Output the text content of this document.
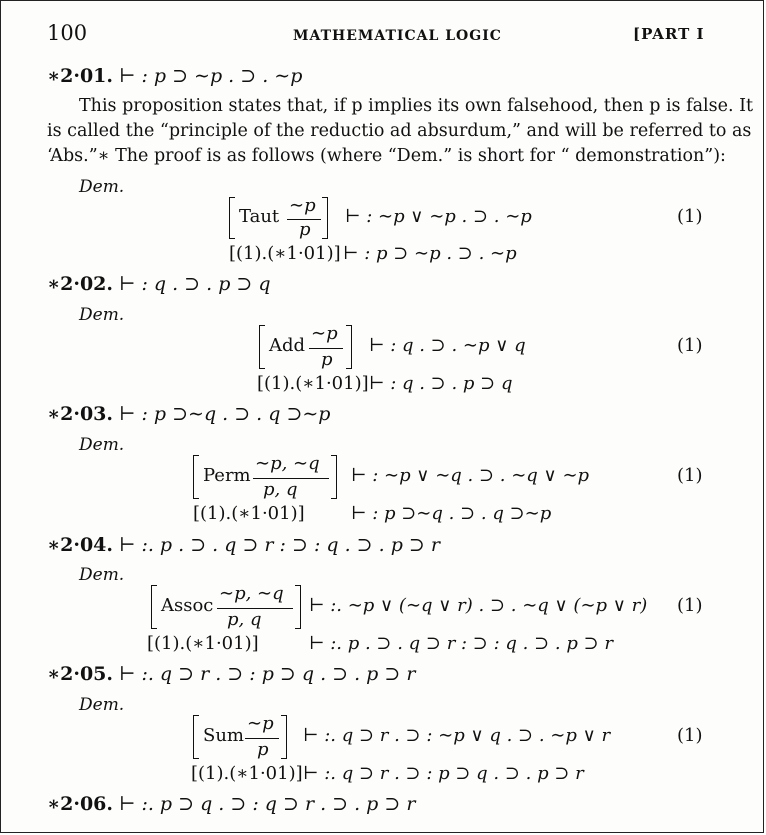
100	MATHEMATICAL LOGIC	[PART I
∗2·01. ⊢ : p ⊃ ∼p . ⊃ . ∼p
This proposition states that, if p implies its own falsehood, then p is false. It
is called the “principle of the reductio ad absurdum,” and will be referred to as
‘Abs.”∗ The proof is as follows (where “Dem.” is short for “ demonstration”):
Dem.
Taut
∼p
p
⊢ : ∼p ∨ ∼p . ⊃ . ∼p	(1)
[(1).(∗1·01)] ⊢ : p ⊃ ∼p . ⊃ . ∼p
∗2·02. ⊢ : q . ⊃ . p ⊃ q
Dem.
Add
∼p
p
⊢ : q . ⊃ . ∼p ∨ q	(1)
[(1).(∗1·01)] ⊢ : q . ⊃ . p ⊃ q
∗2·03. ⊢ : p ⊃∼q . ⊃ . q ⊃∼p
Dem.
Perm
∼p, ∼q
p, q
⊢ : ∼p ∨ ∼q . ⊃ . ∼q ∨ ∼p	(1)
[(1).(∗1·01)]	⊢ : p ⊃∼q . ⊃ . q ⊃∼p
∗2·04. ⊢ :. p . ⊃ . q ⊃ r : ⊃ : q . ⊃ . p ⊃ r
Dem.
Assoc
∼p, ∼q
p, q
⊢ :. ∼p ∨ (∼q ∨ r) . ⊃ . ∼q ∨ (∼p ∨ r) (1)
[(1).(∗1·01)]	⊢ :. p . ⊃ . q ⊃ r : ⊃ : q . ⊃ . p ⊃ r
∗2·05. ⊢ :. q ⊃ r . ⊃ : p ⊃ q . ⊃ . p ⊃ r
Dem.
Sum
∼p
p
⊢ :. q ⊃ r . ⊃ : ∼p ∨ q . ⊃ . ∼p ∨ r	(1)
[(1).(∗1·01)] ⊢ :. q ⊃ r . ⊃ : p ⊃ q . ⊃ . p ⊃ r
∗2·06. ⊢ :. p ⊃ q . ⊃ : q ⊃ r . ⊃ . p ⊃ r
